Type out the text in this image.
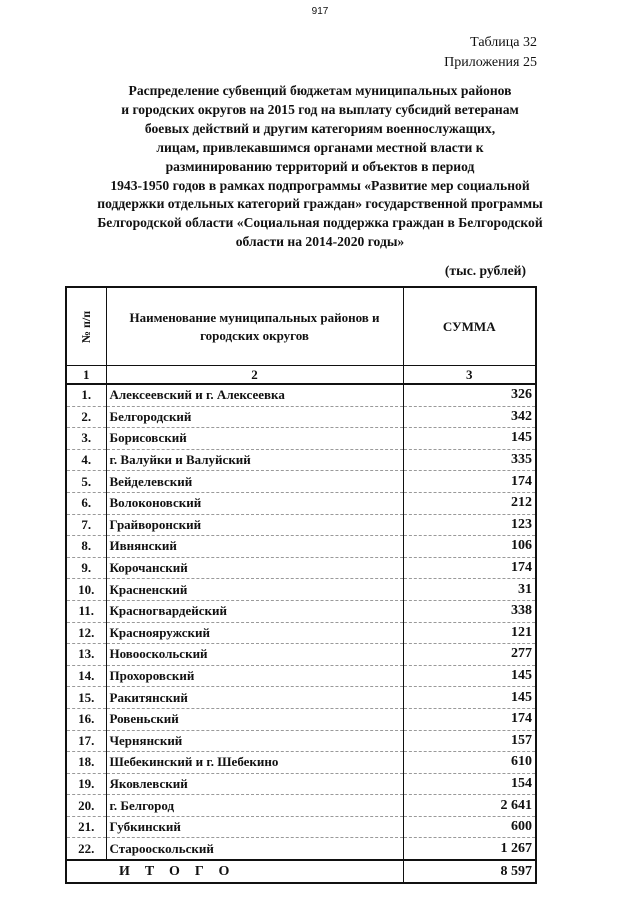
917
Таблица 32
Приложения 25
Распределение субвенций бюджетам муниципальных районов
и городских округов на 2015 год на выплату субсидий ветеранам
боевых действий и другим категориям военнослужащих,
лицам, привлекавшимся органами местной власти к
разминированию территорий и объектов в период
1943-1950 годов в рамках подпрограммы «Развитие мер социальной
поддержки отдельных категорий граждан» государственной программы
Белгородской области «Социальная поддержка граждан в Белгородской
области на 2014-2020 годы»
(тыс. рублей)
№ п/п	Наименование муниципальных районов и городских округов	СУММА
1	2	3
1.	Алексеевский и г. Алексеевка	326
2.	Белгородский	342
3.	Борисовский	145
4.	г. Валуйки и Валуйский	335
5.	Вейделевский	174
6.	Волоконовский	212
7.	Грайворонский	123
8.	Ивнянский	106
9.	Корочанский	174
10.	Красненский	31
11.	Красногвардейский	338
12.	Краснояружский	121
13.	Новооскольский	277
14.	Прохоровский	145
15.	Ракитянский	145
16.	Ровеньский	174
17.	Чернянский	157
18.	Шебекинский и г. Шебекино	610
19.	Яковлевский	154
20.	г. Белгород	2 641
21.	Губкинский	600
22.	Старооскольский	1 267
ИТОГО		8 597
